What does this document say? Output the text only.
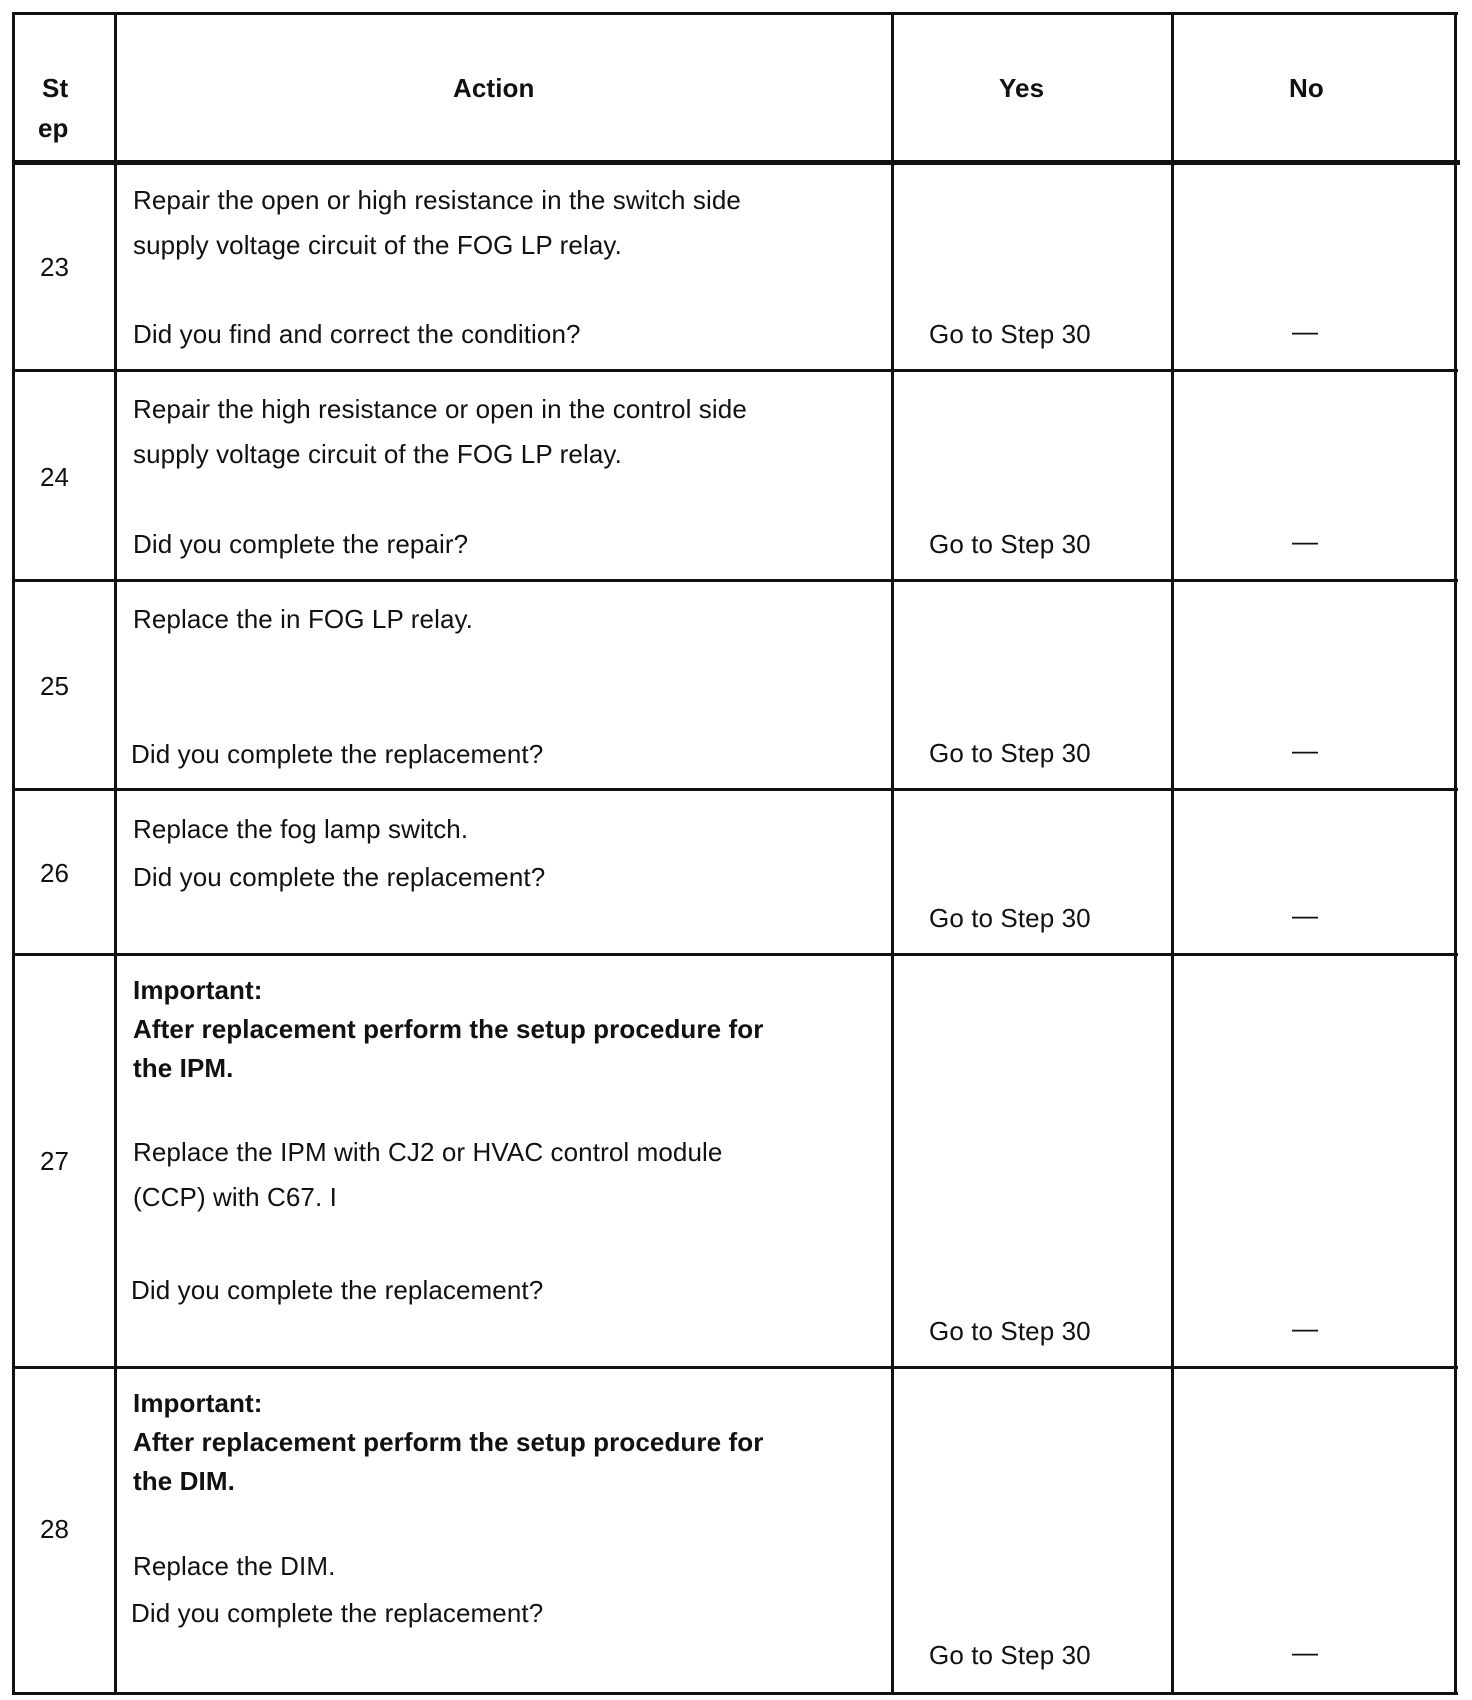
St
ep
Action	Yes	No
23
Repair the open or high resistance in the switch side
supply voltage circuit of the FOG LP relay.
Did you find and correct the condition?	Go to Step 30	—
24
Repair the high resistance or open in the control side
supply voltage circuit of the FOG LP relay.
Did you complete the repair?	Go to Step 30	—
25
Replace the in FOG LP relay.
Did you complete the replacement?	Go to Step 30	—
26
Replace the fog lamp switch.
Did you complete the replacement?
Go to Step 30	—
27
Important:
After replacement perform the setup procedure for
the IPM.
Replace the IPM with CJ2 or HVAC control module
(CCP) with C67. I
Did you complete the replacement?
Go to Step 30	—
28
Important:
After replacement perform the setup procedure for
the DIM.
Replace the DIM.
Did you complete the replacement?
Go to Step 30	—
